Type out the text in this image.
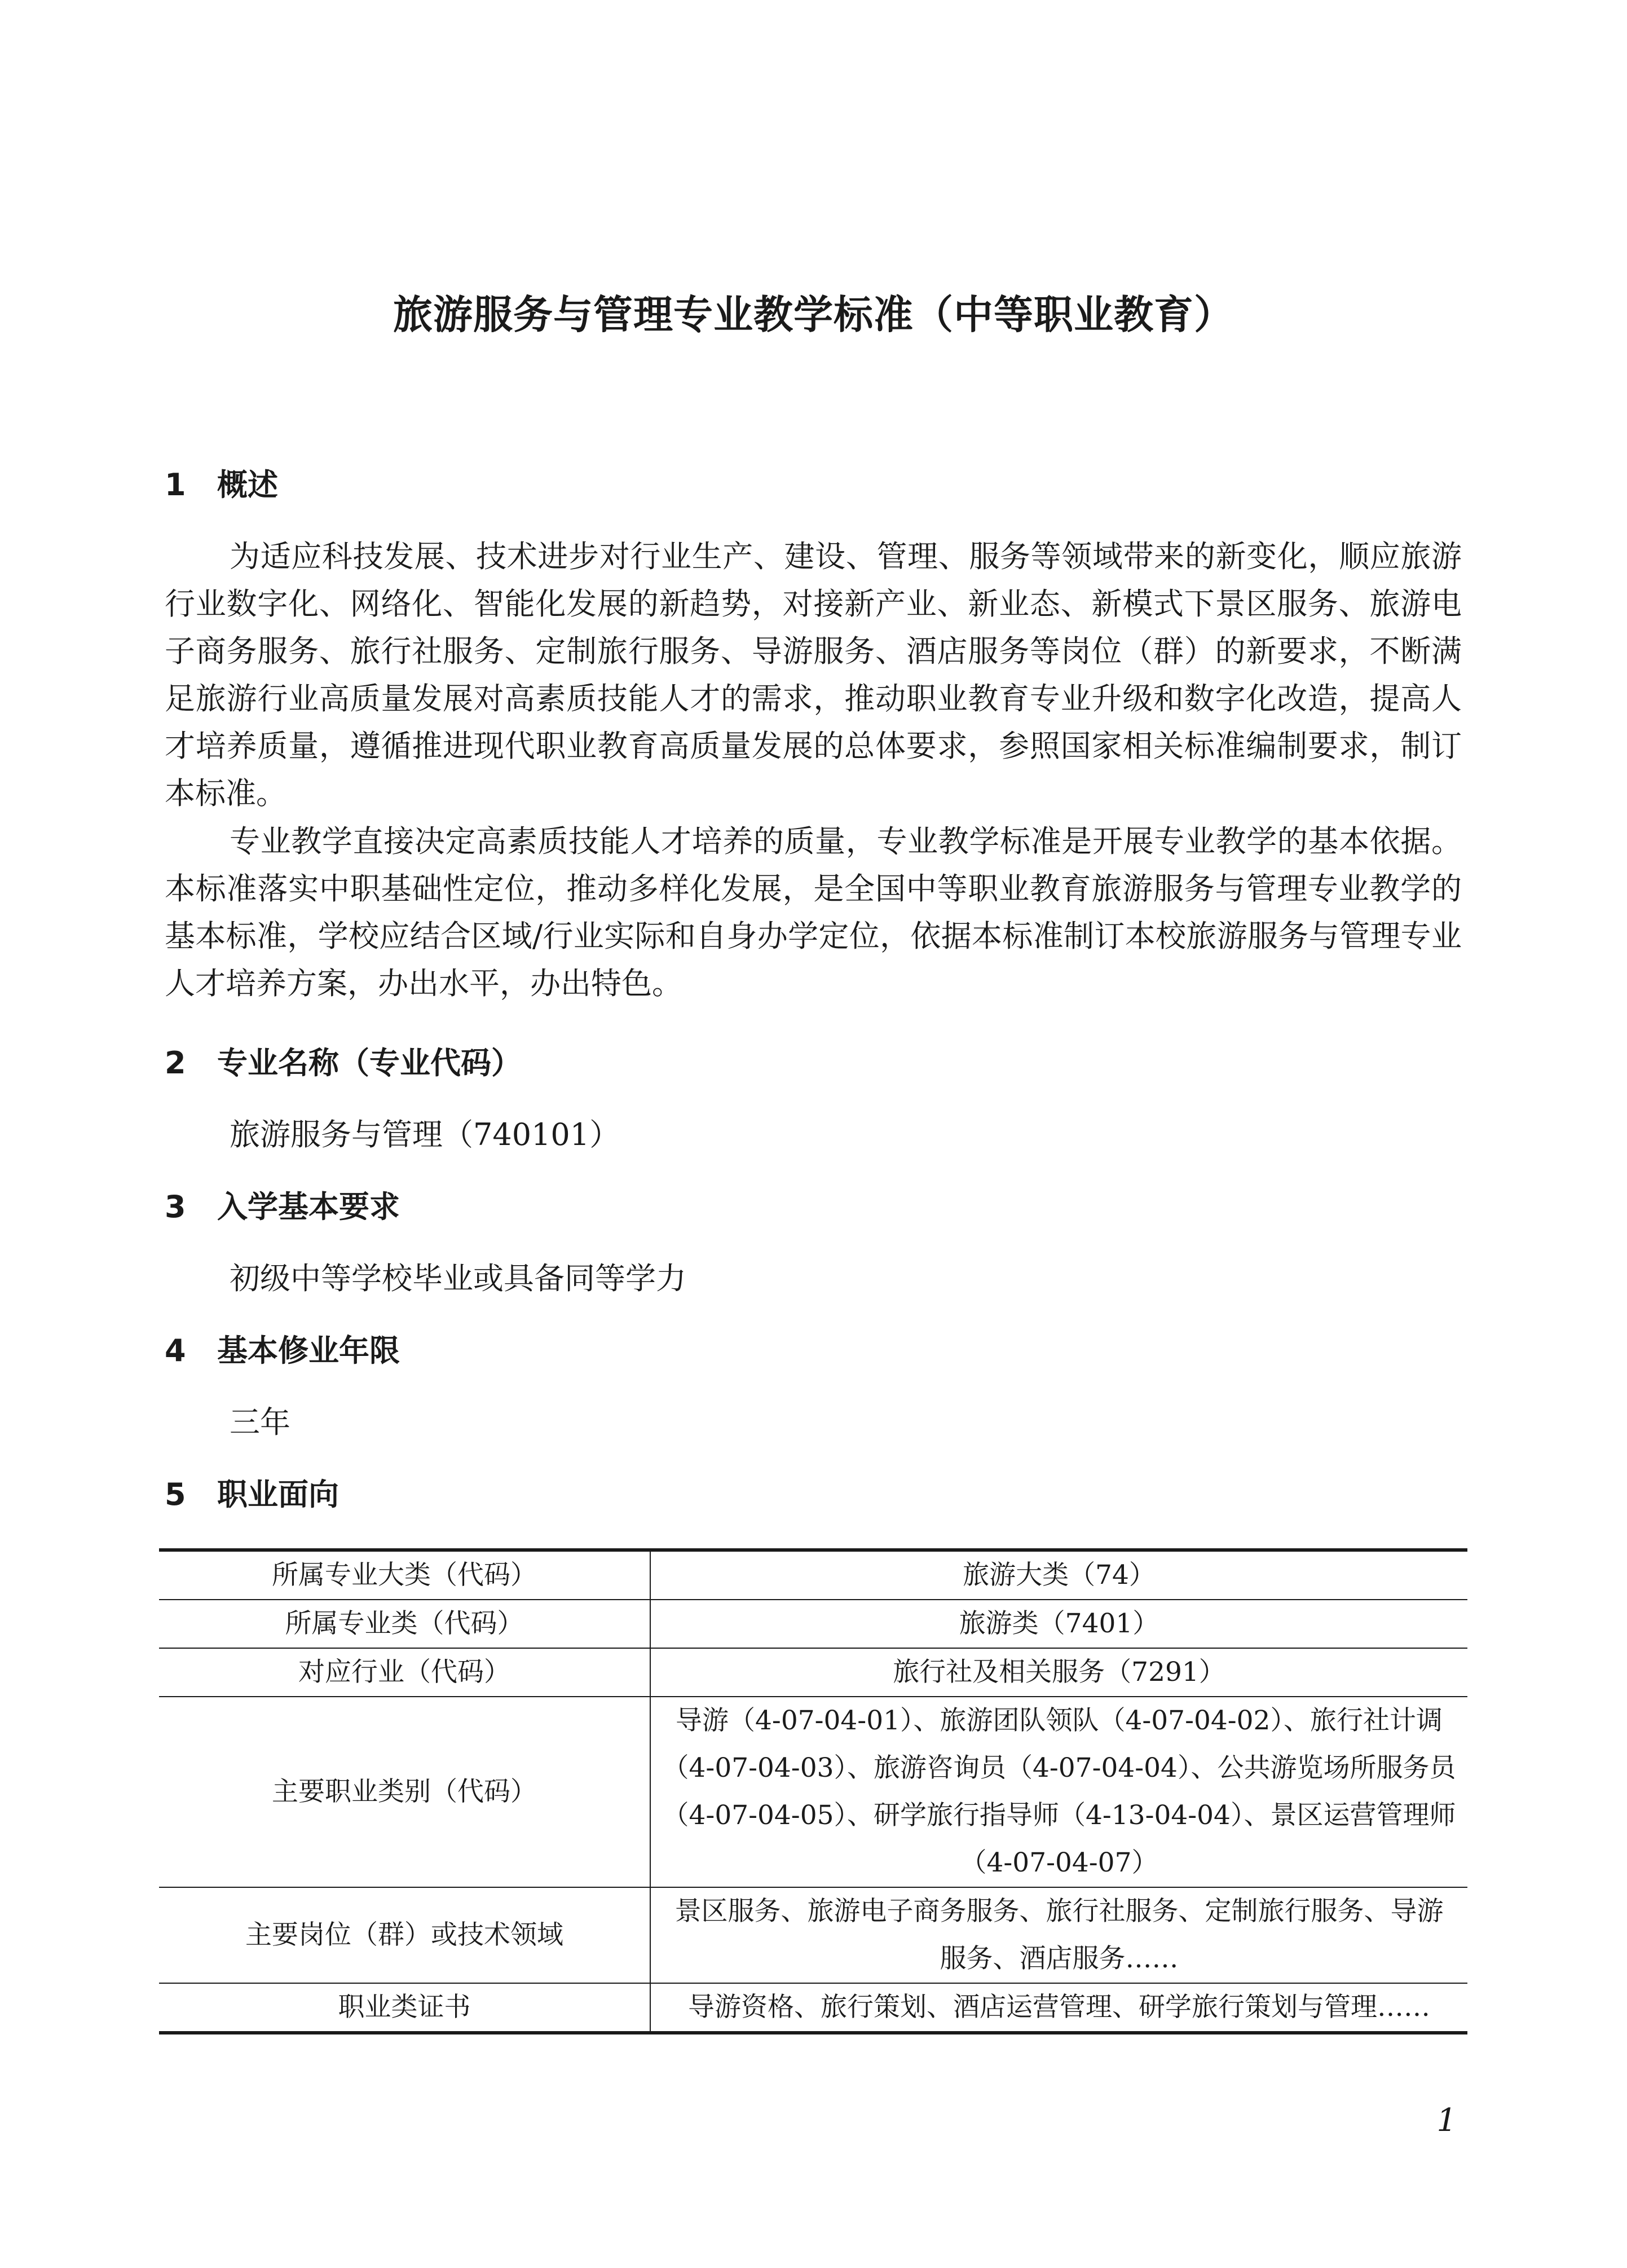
旅游服务与管理专业教学标准（中等职业教育）
1 概述

为适应科技发展、技术进步对行业生产、建设、管理、服务等领域带来的新变化，顺应旅游行业数字化、网络化、智能化发展的新趋势，对接新产业、新业态、新模式下景区服务、旅游电子商务服务、旅行社服务、定制旅行服务、导游服务、酒店服务等岗位（群）的新要求，不断满足旅游行业高质量发展对高素质技能人才的需求，推动职业教育专业升级和数字化改造，提高人才培养质量，遵循推进现代职业教育高质量发展的总体要求，参照国家相关标准编制要求，制订本标准。

专业教学直接决定高素质技能人才培养的质量，专业教学标准是开展专业教学的基本依据。本标准落实中职基础性定位，推动多样化发展，是全国中等职业教育旅游服务与管理专业教学的基本标准，学校应结合区域/行业实际和自身办学定位，依据本标准制订本校旅游服务与管理专业人才培养方案，办出水平，办出特色。

2 专业名称（专业代码）
旅游服务与管理（740101）
3 入学基本要求
初级中等学校毕业或具备同等学力
4 基本修业年限
三年
5 职业面向
所属专业大类（代码）	旅游大类（74）
所属专业类（代码）	旅游类（7401）
对应行业（代码）	旅行社及相关服务（7291）
主要职业类别（代码）	导游（4-07-04-01）、旅游团队领队（4-07-04-02）、旅行社计调（4-07-04-03）、旅游咨询员（4-07-04-04）、公共游览场所服务员（4-07-04-05）、研学旅行指导师（4-13-04-04）、景区运营管理师（4-07-04-07）
主要岗位（群）或技术领域	景区服务、旅游电子商务服务、旅行社服务、定制旅行服务、导游服务、酒店服务……
职业类证书	导游资格、旅行策划、酒店运营管理、研学旅行策划与管理……
1
